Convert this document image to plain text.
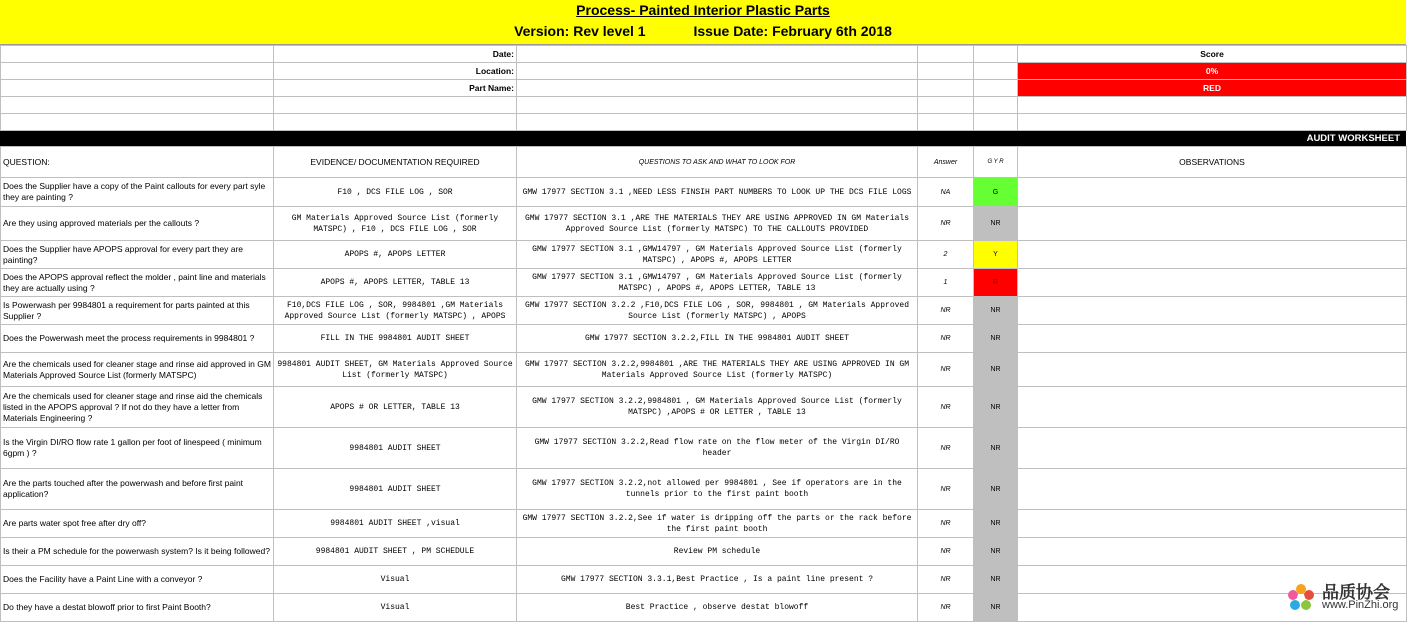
Process- Painted Interior Plastic Parts
Version: Rev level 1	Issue Date: February 6th 2018
	Date:				Score
	Location:				0%
	Part Name:				RED

AUDIT WORKSHEET
QUESTION:	EVIDENCE/ DOCUMENTATION REQUIRED	QUESTIONS TO ASK AND WHAT TO LOOK FOR	Answer	G Y R	OBSERVATIONS
Does the Supplier have a copy of the Paint callouts for every part syle they are painting ?	F10 , DCS FILE LOG , SOR	GMW 17977 SECTION 3.1 ,NEED LESS FINSIH PART NUMBERS TO LOOK UP THE DCS FILE LOGS	NA	G	
Are they using approved materials per the callouts ?	GM Materials Approved Source List (formerly MATSPC) , F10 , DCS FILE LOG , SOR	GMW 17977 SECTION 3.1 ,ARE THE MATERIALS THEY ARE USING APPROVED IN GM Materials Approved Source List (formerly MATSPC) TO THE CALLOUTS PROVIDED	NR	NR	
Does the Supplier have APOPS approval for every part they are painting?	APOPS #, APOPS LETTER	GMW 17977 SECTION 3.1 ,GMW14797 , GM Materials Approved Source List (formerly MATSPC) , APOPS #, APOPS LETTER	2	Y	
Does the APOPS approval reflect the molder , paint line and materials they are actually using ?	APOPS #, APOPS LETTER, TABLE 13	GMW 17977 SECTION 3.1 ,GMW14797 , GM Materials Approved Source List (formerly MATSPC) , APOPS #, APOPS LETTER, TABLE 13	1	R	
Is Powerwash per 9984801 a requirement for parts painted at this Supplier ?	F10,DCS FILE LOG , SOR, 9984801 ,GM Materials Approved Source List (formerly MATSPC) , APOPS	GMW 17977 SECTION 3.2.2 ,F10,DCS FILE LOG , SOR, 9984801 , GM Materials Approved Source List (formerly MATSPC) , APOPS	NR	NR	
Does the Powerwash meet the process requirements in 9984801 ?	FILL IN THE 9984801 AUDIT SHEET	GMW 17977 SECTION 3.2.2,FILL IN THE 9984801 AUDIT SHEET	NR	NR	
Are the chemicals used for cleaner stage and rinse aid approved in GM Materials Approved Source List (formerly MATSPC)	9984801 AUDIT SHEET, GM Materials Approved Source List (formerly MATSPC)	GMW 17977 SECTION 3.2.2,9984801 ,ARE THE MATERIALS THEY ARE USING APPROVED IN GM Materials Approved Source List (formerly MATSPC)	NR	NR	
Are the chemicals used for cleaner stage and rinse aid the chemicals listed in the APOPS approval ? If not do they have a letter from Materials Engineering ?	APOPS # OR LETTER, TABLE 13	GMW 17977 SECTION 3.2.2,9984801 , GM Materials Approved Source List (formerly MATSPC) ,APOPS # OR LETTER , TABLE 13	NR	NR	
Is the Virgin DI/RO flow rate 1 gallon per foot of linespeed ( minimum 6gpm ) ?	9984801 AUDIT SHEET	GMW 17977 SECTION 3.2.2,Read flow rate on the flow meter of the Virgin DI/RO header	NR	NR	
Are the parts touched after the powerwash and before first paint application?	9984801 AUDIT SHEET	GMW 17977 SECTION 3.2.2,not allowed per 9984801 , See if operators are in the tunnels prior to the first paint booth	NR	NR	
Are parts water spot free after dry off?	9984801 AUDIT SHEET ,visual	GMW 17977 SECTION 3.2.2,See if water is dripping off the parts or the rack before the first paint booth	NR	NR	
Is their a PM schedule for the powerwash system? Is it being followed?	9984801 AUDIT SHEET , PM SCHEDULE	Review PM schedule	NR	NR	
Does the Facility have a Paint Line with a conveyor ?	Visual	GMW 17977 SECTION 3.3.1,Best Practice , Is a paint line present ?	NR	NR	
Do they have a destat blowoff prior to first Paint Booth?	Visual	Best Practice , observe destat blowoff	NR	NR	
品质协会
www.PinZhi.org
